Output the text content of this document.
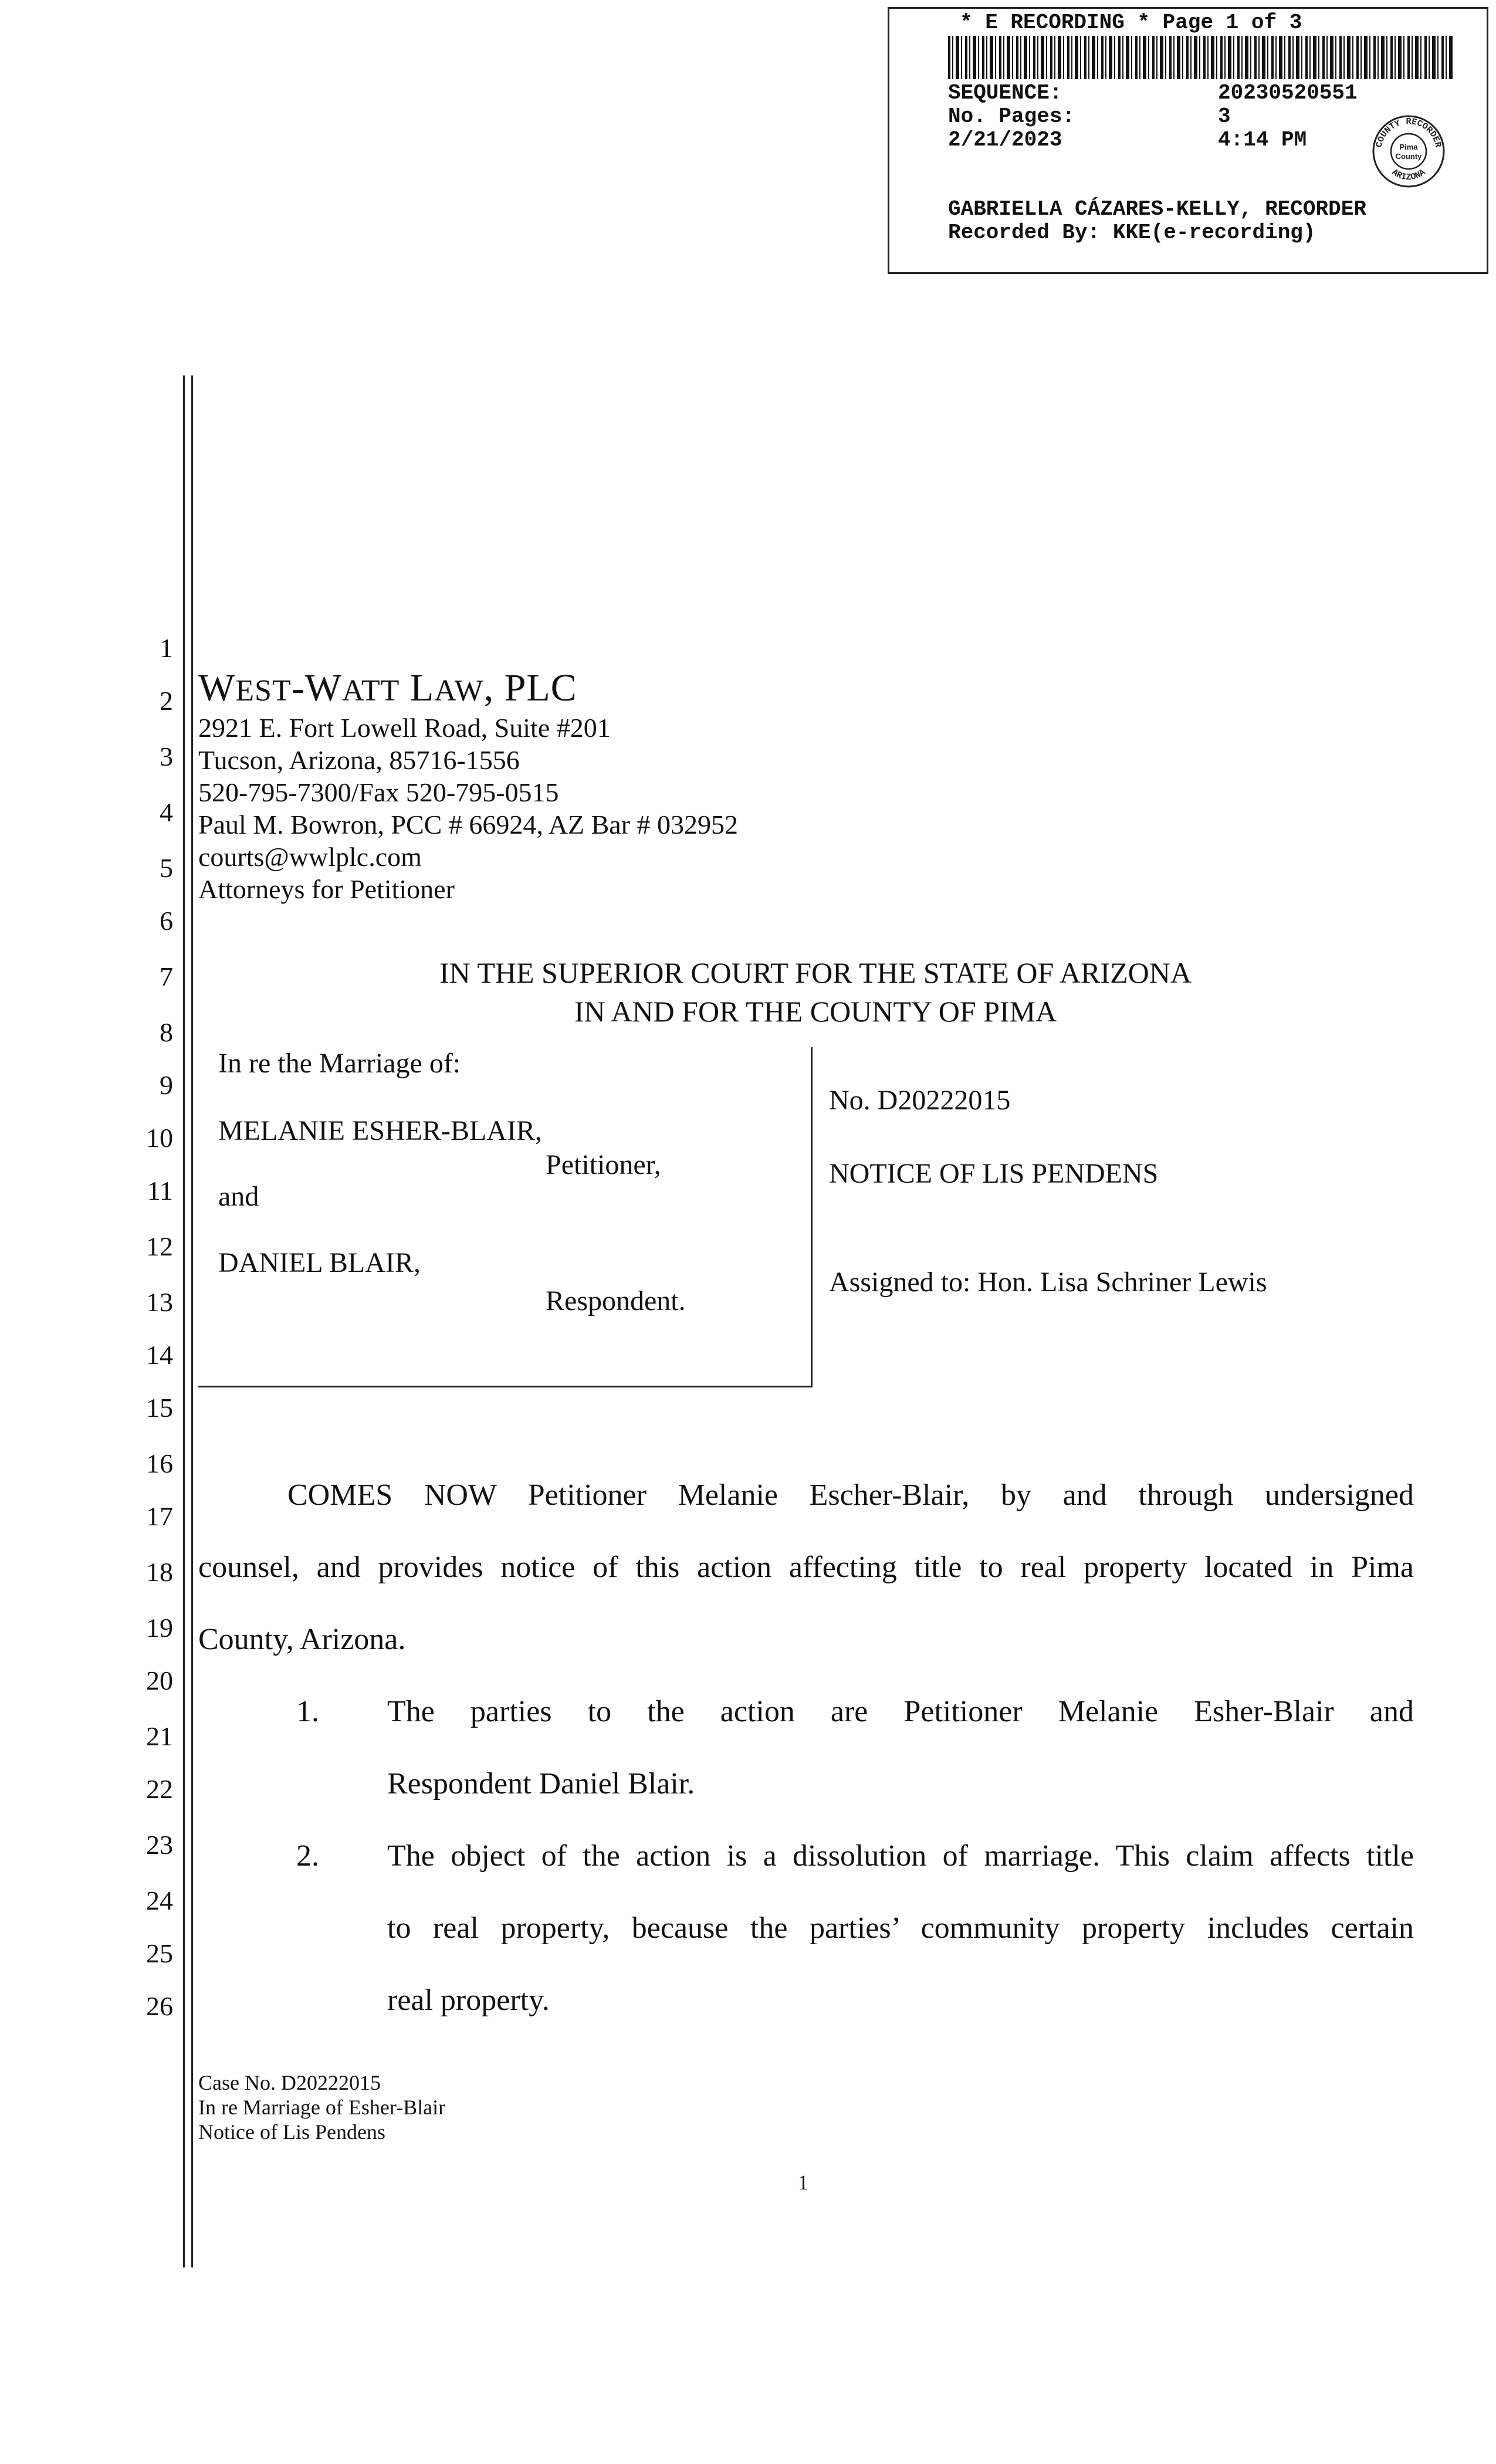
* E RECORDING * Page 1 of 3
SEQUENCE:	20230520551
No. Pages:	3
2/21/2023	4:14 PM	COUNTY RECORDER
ARIZONA
Pima
County
GABRIELLA CÁZARES-KELLY, RECORDER
Recorded By: KKE(e-recording)
1
2
3
4
5
6
7
8
9
10
11
12
13
14
15
16
17
18
19
20
21
22
23
24
25
26
WEST-WATT LAW, PLC
2921 E. Fort Lowell Road, Suite #201
Tucson, Arizona, 85716-1556
520-795-7300/Fax 520-795-0515
Paul M. Bowron, PCC # 66924, AZ Bar # 032952
courts@wwlplc.com
Attorneys for Petitioner
IN THE SUPERIOR COURT FOR THE STATE OF ARIZONA
IN AND FOR THE COUNTY OF PIMA
In re the Marriage of:
MELANIE ESHER-BLAIR,
Petitioner,
and
DANIEL BLAIR,
Respondent.
No. D20222015
NOTICE OF LIS PENDENS
Assigned to: Hon. Lisa Schriner Lewis
COMES NOW Petitioner Melanie Escher-Blair, by and through undersigned
counsel, and provides notice of this action affecting title to real property located in Pima
County, Arizona.
1. The parties to the action are Petitioner Melanie Esher-Blair and
Respondent Daniel Blair.
2. The object of the action is a dissolution of marriage. This claim affects title
to real property, because the parties’ community property includes certain
real property.
Case No. D20222015
In re Marriage of Esher-Blair
Notice of Lis Pendens
1
